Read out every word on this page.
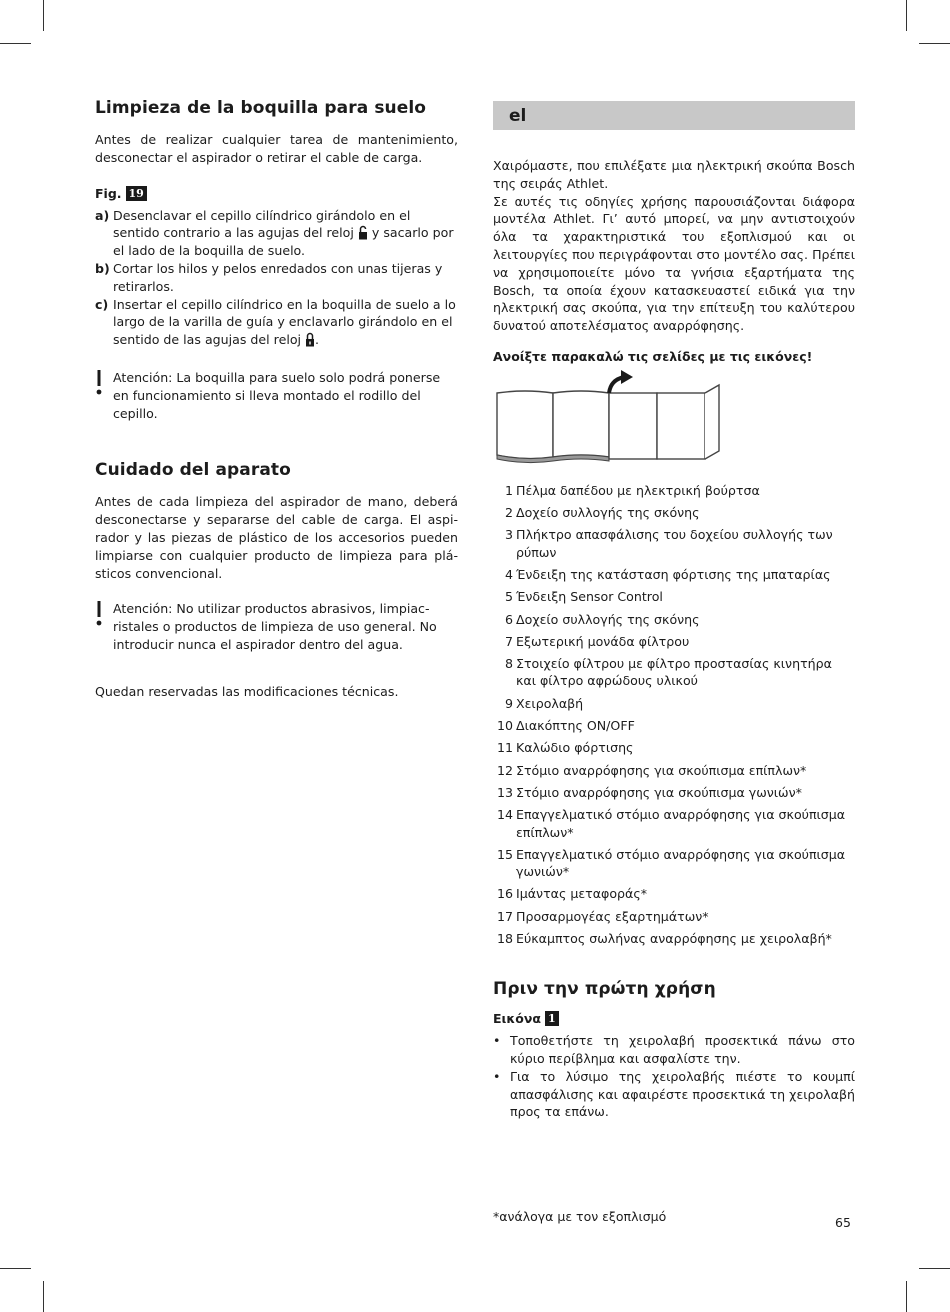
Limpieza de la boquilla para suelo

Antes de realizar cualquier tarea de mantenimiento, desconectar el aspirador o retirar el cable de carga.

Fig. 19
a) Desenclavar el cepillo cilíndrico girándolo en el sentido contrario a las agujas del reloj  y sacarlo por el lado de la boquilla de suelo.
b) Cortar los hilos y pelos enredados con unas tijeras y retirarlos.
c) Insertar el cepillo cilíndrico en la boquilla de suelo a lo largo de la varilla de guía y enclavarlo girándolo en el sentido de las agujas del reloj .
Atención: La boquilla para suelo solo podrá ponerse en funcionamiento si lleva montado el rodillo del cepillo.
Cuidado del aparato

Antes de cada limpieza del aspirador de mano, deberá desconectarse y separarse del cable de carga. El aspirador y las piezas de plástico de los accesorios pueden limpiarse con cualquier producto de limpieza para plásticos convencional.

Atención: No utilizar productos abrasivos, limpiacristales o productos de limpieza de uso general. No introducir nunca el aspirador dentro del agua.

Quedan reservadas las modificaciones técnicas.

el

Χαιρόμαστε, που επιλέξατε μια ηλεκτρική σκούπα Bosch της σειράς Athlet.
Σε αυτές τις οδηγίες χρήσης παρουσιάζονται διάφορα μοντέλα Athlet. Γι’ αυτό μπορεί, να μην αντιστοιχούν όλα τα χαρακτηριστικά του εξοπλισμού και οι λειτουργίες που περιγράφονται στο μοντέλο σας. Πρέπει να χρησιμοποιείτε μόνο τα γνήσια εξαρτήματα της Bosch, τα οποία έχουν κατασκευαστεί ειδικά για την ηλεκτρική σας σκούπα, για την επίτευξη του καλύτερου δυνατού αποτελέσματος αναρρόφησης.

Ανοίξτε παρακαλώ τις σελίδες με τις εικόνες!

1 Πέλμα δαπέδου με ηλεκτρική βούρτσα
2 Δοχείο συλλογής της σκόνης
3 Πλήκτρο απασφάλισης του δοχείου συλλογής των ρύπων
4 Ένδειξη της κατάσταση φόρτισης της μπαταρίας
5 Ένδειξη Sensor Control
6 Δοχείο συλλογής της σκόνης
7 Εξωτερική μονάδα φίλτρου
8 Στοιχείο φίλτρου με φίλτρο προστασίας κινητήρα και φίλτρο αφρώδους υλικού
9 Χειρολαβή
10 Διακόπτης ON/OFF
11 Καλώδιο φόρτισης
12 Στόμιο αναρρόφησης για σκούπισμα επίπλων*
13 Στόμιο αναρρόφησης για σκούπισμα γωνιών*
14 Επαγγελματικό στόμιο αναρρόφησης για σκούπισμα επίπλων*
15 Επαγγελματικό στόμιο αναρρόφησης για σκούπισμα γωνιών*
16 Ιμάντας μεταφοράς*
17 Προσαρμογέας εξαρτημάτων*
18 Εύκαμπτος σωλήνας αναρρόφησης με χειρολαβή*
Πριν την πρώτη χρήση
Εικόνα 1
• Τοποθετήστε τη χειρολαβή προσεκτικά πάνω στο κύριο περίβλημα και ασφαλίστε την.
• Για το λύσιμο της χειρολαβής πιέστε το κουμπί απασφάλισης και αφαιρέστε προσεκτικά τη χειρολαβή προς τα επάνω.
*ανάλογα με τον εξοπλισμό	65
